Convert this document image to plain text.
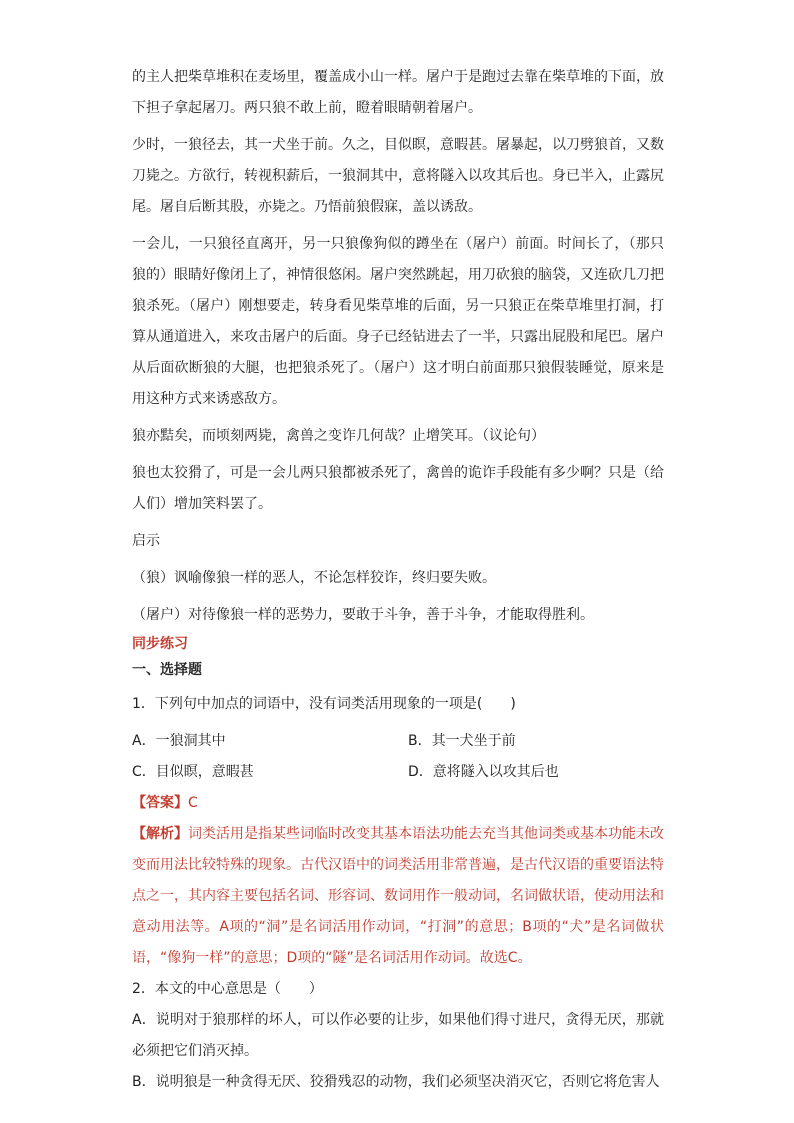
的主人把柴草堆积在麦场里，覆盖成小山一样。屠户于是跑过去靠在柴草堆的下面，放下担子拿起屠刀。两只狼不敢上前，瞪着眼睛朝着屠户。

少时，一狼径去，其一犬坐于前。久之，目似瞑，意暇甚。屠暴起，以刀劈狼首，又数刀毙之。方欲行，转视积薪后，一狼洞其中，意将隧入以攻其后也。身已半入，止露尻尾。屠自后断其股，亦毙之。乃悟前狼假寐，盖以诱敌。

一会儿，一只狼径直离开，另一只狼像狗似的蹲坐在（屠户）前面。时间长了，（那只狼的）眼睛好像闭上了，神情很悠闲。屠户突然跳起，用刀砍狼的脑袋，又连砍几刀把狼杀死。（屠户）刚想要走，转身看见柴草堆的后面，另一只狼正在柴草堆里打洞，打算从通道进入，来攻击屠户的后面。身子已经钻进去了一半，只露出屁股和尾巴。屠户从后面砍断狼的大腿，也把狼杀死了。（屠户）这才明白前面那只狼假装睡觉，原来是用这种方式来诱惑敌方。

狼亦黠矣，而顷刻两毙，禽兽之变诈几何哉？止增笑耳。（议论句）

狼也太狡猾了，可是一会儿两只狼都被杀死了，禽兽的诡诈手段能有多少啊？只是（给人们）增加笑料罢了。

启示

（狼）讽喻像狼一样的恶人，不论怎样狡诈，终归要失败。

（屠户）对待像狼一样的恶势力，要敢于斗争，善于斗争，才能取得胜利。

同步练习

一、选择题

1．下列句中加点的词语中，没有词类活用现象的一项是(　　)

A．一狼洞其中	B．其一犬坐于前
C．目似瞑，意暇甚	D．意将隧入以攻其后也

【答案】C

【解析】词类活用是指某些词临时改变其基本语法功能去充当其他词类或基本功能未改变而用法比较特殊的现象。古代汉语中的词类活用非常普遍，是古代汉语的重要语法特点之一，其内容主要包括名词、形容词、数词用作一般动词，名词做状语，使动用法和意动用法等。A项的“洞”是名词活用作动词，“打洞”的意思；B项的“犬”是名词做状语，“像狗一样”的意思；D项的“隧”是名词活用作动词。故选C。

2．本文的中心意思是（　　）

A．说明对于狼那样的坏人，可以作必要的让步，如果他们得寸进尺，贪得无厌，那就必须把它们消灭掉。

B．说明狼是一种贪得无厌、狡猾残忍的动物，我们必须坚决消灭它，否则它将危害人
